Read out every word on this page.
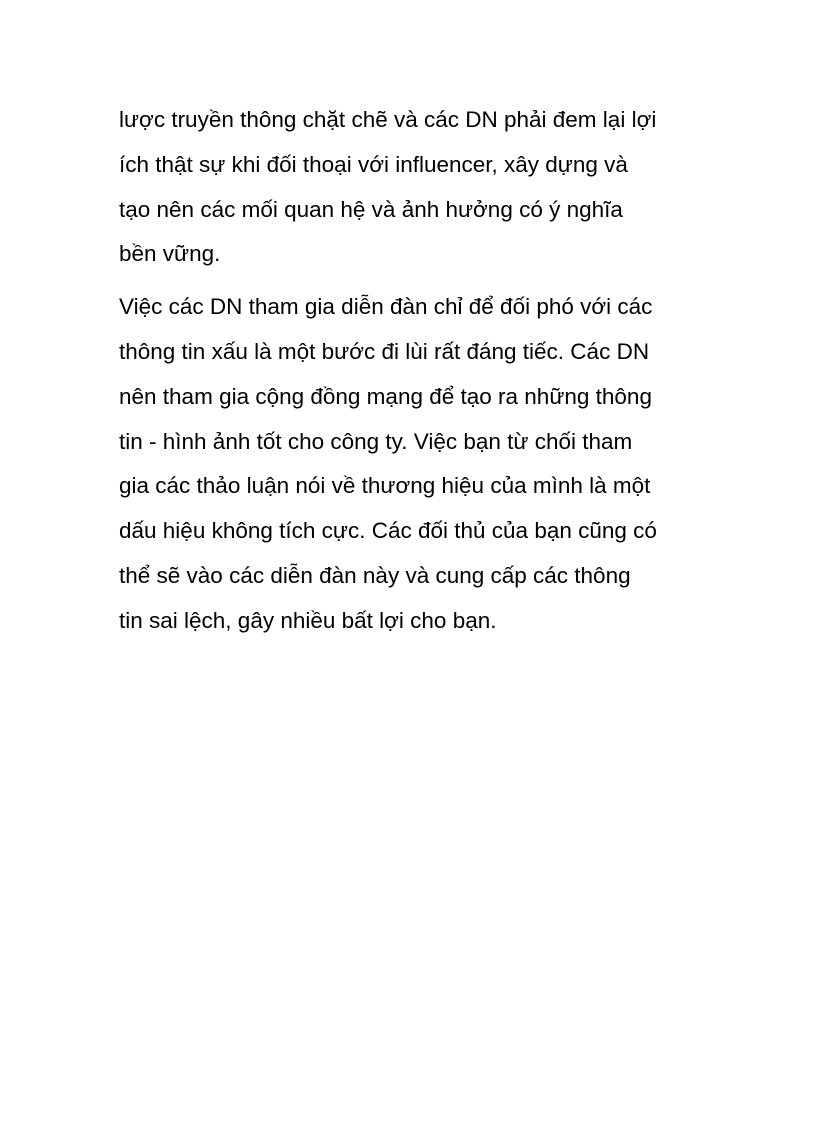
lược truyền thông chặt chẽ và các DN phải đem lại lợi
ích thật sự khi đối thoại với influencer, xây dựng và
tạo nên các mối quan hệ và ảnh hưởng có ý nghĩa
bền vững.

Việc các DN tham gia diễn đàn chỉ để đối phó với các
thông tin xấu là một bước đi lùi rất đáng tiếc. Các DN
nên tham gia cộng đồng mạng để tạo ra những thông
tin - hình ảnh tốt cho công ty. Việc bạn từ chối tham
gia các thảo luận nói về thương hiệu của mình là một
dấu hiệu không tích cực. Các đối thủ của bạn cũng có
thể sẽ vào các diễn đàn này và cung cấp các thông
tin sai lệch, gây nhiều bất lợi cho bạn.
